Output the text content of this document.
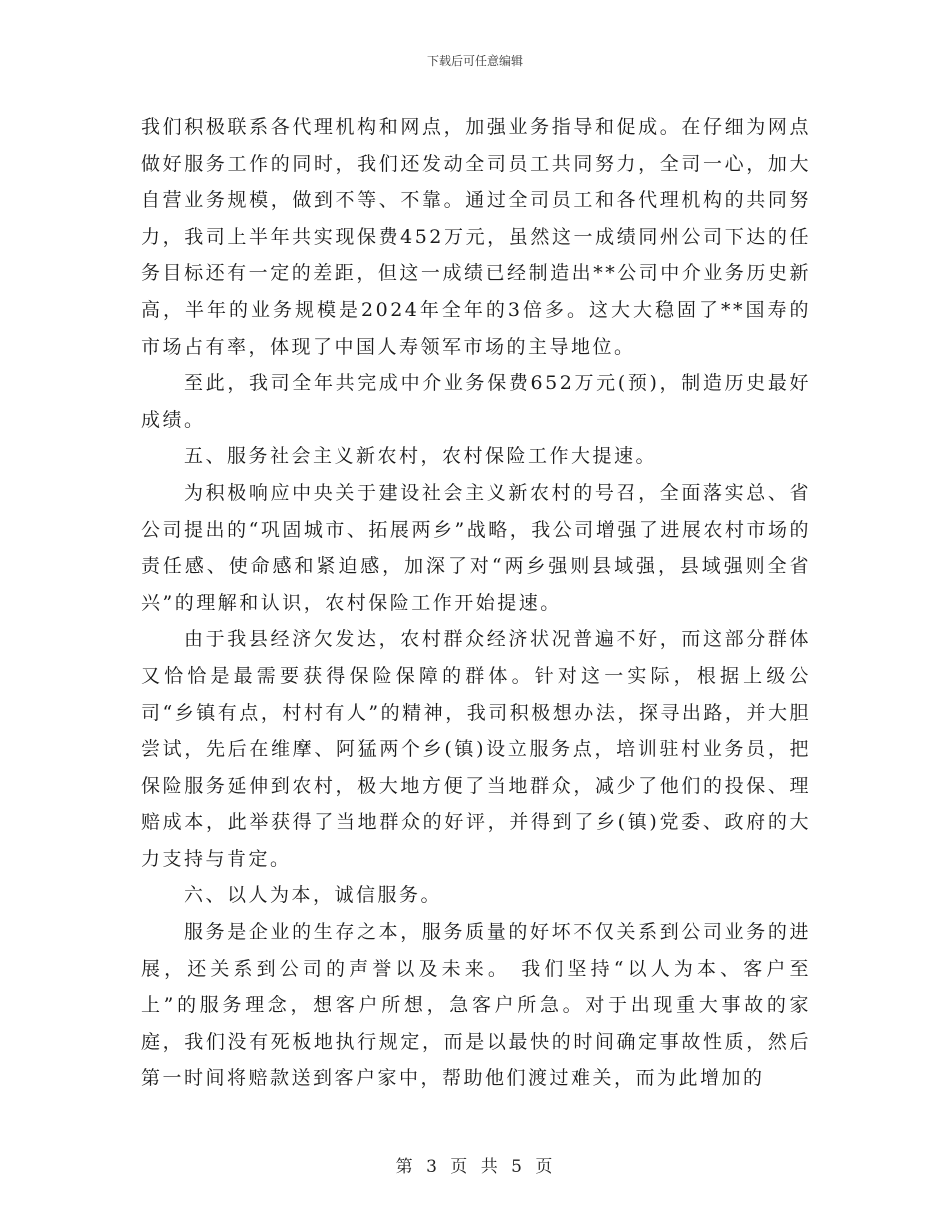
下载后可任意编辑

我们积极联系各代理机构和网点，加强业务指导和促成。在仔细为网点做好服务工作的同时，我们还发动全司员工共同努力，全司一心，加大自营业务规模，做到不等、不靠。通过全司员工和各代理机构的共同努力，我司上半年共实现保费452万元，虽然这一成绩同州公司下达的任务目标还有一定的差距，但这一成绩已经制造出**公司中介业务历史新高，半年的业务规模是2024年全年的3倍多。这大大稳固了**国寿的市场占有率，体现了中国人寿领军市场的主导地位。

至此，我司全年共完成中介业务保费652万元(预)，制造历史最好成绩。

五、服务社会主义新农村，农村保险工作大提速。

为积极响应中央关于建设社会主义新农村的号召，全面落实总、省公司提出的“巩固城市、拓展两乡”战略，我公司增强了进展农村市场的责任感、使命感和紧迫感，加深了对“两乡强则县域强，县域强则全省兴”的理解和认识，农村保险工作开始提速。

由于我县经济欠发达，农村群众经济状况普遍不好，而这部分群体又恰恰是最需要获得保险保障的群体。针对这一实际，根据上级公司“乡镇有点，村村有人”的精神，我司积极想办法，探寻出路，并大胆尝试，先后在维摩、阿猛两个乡(镇)设立服务点，培训驻村业务员，把保险服务延伸到农村，极大地方便了当地群众，减少了他们的投保、理赔成本，此举获得了当地群众的好评，并得到了乡(镇)党委、政府的大力支持与肯定。

六、以人为本，诚信服务。

服务是企业的生存之本，服务质量的好坏不仅关系到公司业务的进展，还关系到公司的声誉以及未来。 我们坚持“以人为本、客户至上”的服务理念，想客户所想，急客户所急。对于出现重大事故的家庭，我们没有死板地执行规定，而是以最快的时间确定事故性质，然后第一时间将赔款送到客户家中，帮助他们渡过难关，而为此增加的

第 3 页 共 5 页
